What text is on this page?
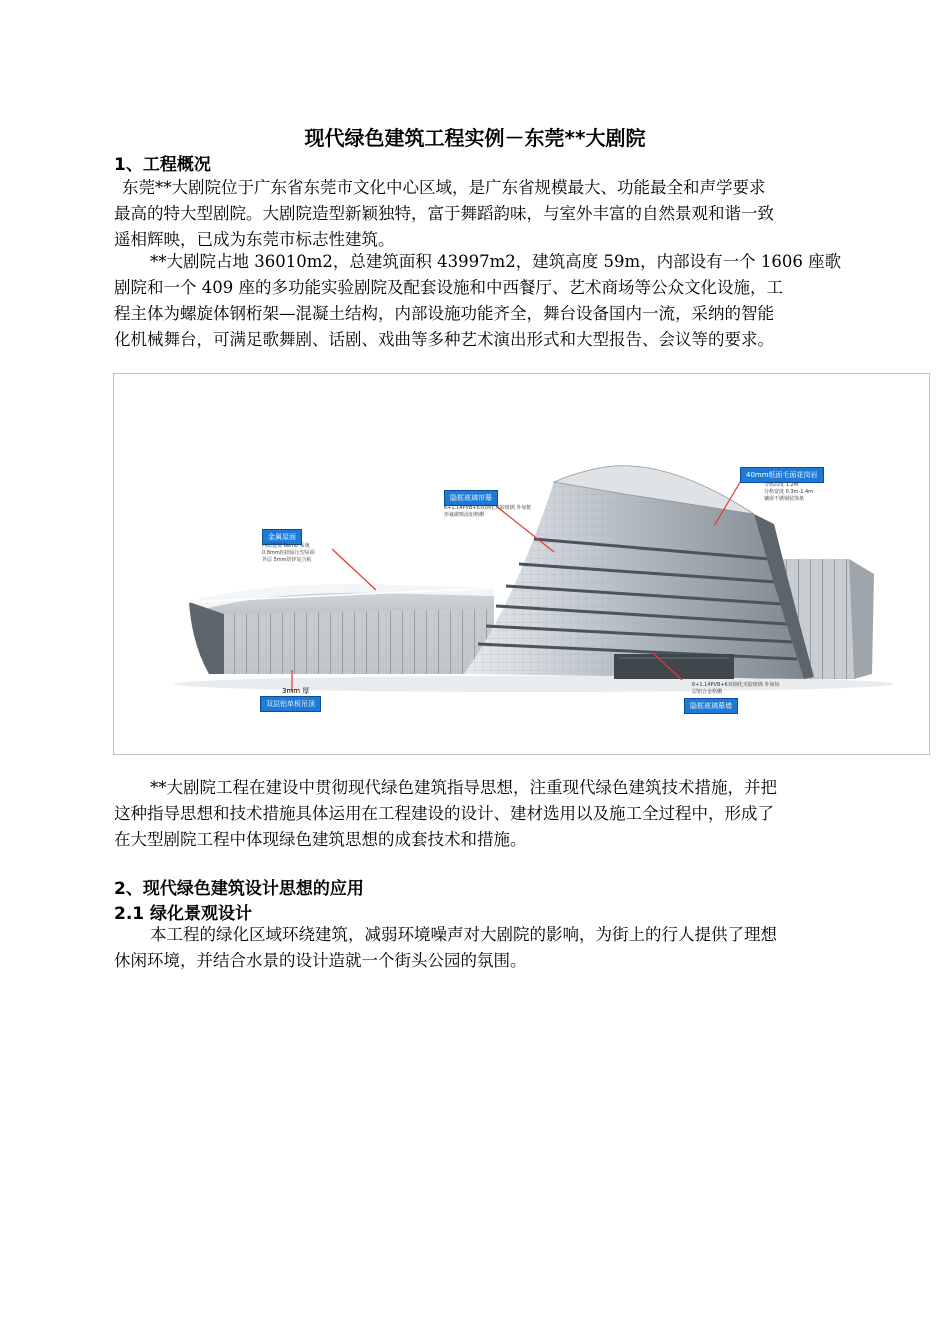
现代绿色建筑工程实例－东莞**大剧院
1、工程概况

东莞**大剧院位于广东省东莞市文化中心区域，是广东省规模最大、功能最全和声学要求

最高的特大型剧院。大剧院造型新颖独特，富于舞蹈韵味，与室外丰富的自然景观和谐一致

遥相辉映，已成为东莞市标志性建筑。

**大剧院占地 36010m2，总建筑面积 43997m2，建筑高度 59m，内部设有一个 1606 座歌

剧院和一个 409 座的多功能实验剧院及配套设施和中西餐厅、艺术商场等公众文化设施，工

程主体为螺旋体钢桁架—混凝土结构，内部设施功能齐全，舞台设备国内一流，采纳的智能

化机械舞台，可满足歌舞剧、话剧、戏曲等多种艺术演出形式和大型报告、会议等的要求。

金属屋面
内层建筑 Bemo 系统
0.8mm铝镁锰压型屋面
外层 5mm铝锌复合板
隐框玻璃帘幕
6+1.14PVB+6双钢化夹胶玻璃 外加框形氟碳喷涂铝格栅
40mm纸面毛面花岗岩
分格高度 1.2m
分格宽度 0.3m-1.4m
镶嵌不锈钢装饰条
3mm 厚
双层铝单板吊顶
6+1.14PVB+6双钢化夹胶玻璃 外加每层铝合金格栅
隐框玻璃幕墙

**大剧院工程在建设中贯彻现代绿色建筑指导思想，注重现代绿色建筑技术措施，并把

这种指导思想和技术措施具体运用在工程建设的设计、建材选用以及施工全过程中，形成了

在大型剧院工程中体现绿色建筑思想的成套技术和措施。

2、现代绿色建筑设计思想的应用
2.1 绿化景观设计

本工程的绿化区域环绕建筑，减弱环境噪声对大剧院的影响，为街上的行人提供了理想

休闲环境，并结合水景的设计造就一个街头公园的氛围。
